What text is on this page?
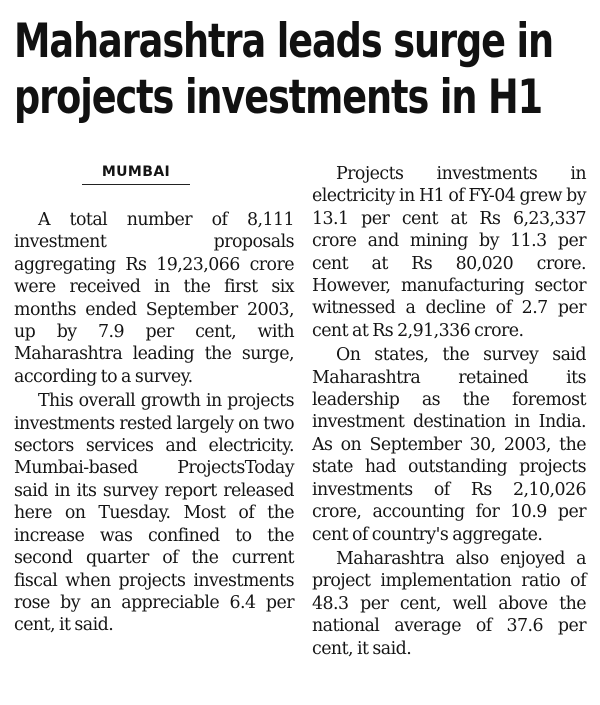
Maharashtra leads surge in
projects investments in H1
MUMBAI

A total number of 8,111 investment proposals aggregating Rs 19,23,066 crore were received in the first six months ended September 2003, up by 7.9 per cent, with Maharashtra leading the surge, according to a survey.

This overall growth in projects investments rested largely on two sectors services and electricity. Mumbai-based ProjectsToday said in its survey report released here on Tuesday. Most of the increase was confined to the second quarter of the current fiscal when projects investments rose by an appreciable 6.4 per cent, it said.

Projects investments in electricity in H1 of FY-04 grew by 13.1 per cent at Rs 6,23,337 crore and mining by 11.3 per cent at Rs 80,020 crore. However, manufacturing sector witnessed a decline of 2.7 per cent at Rs 2,91,336 crore.

On states, the survey said Maharashtra retained its leadership as the foremost investment destination in India. As on September 30, 2003, the state had outstanding projects investments of Rs 2,10,026 crore, accounting for 10.9 per cent of country's aggregate.

Maharashtra also enjoyed a project implementation ratio of 48.3 per cent, well above the national average of 37.6 per cent, it said.
